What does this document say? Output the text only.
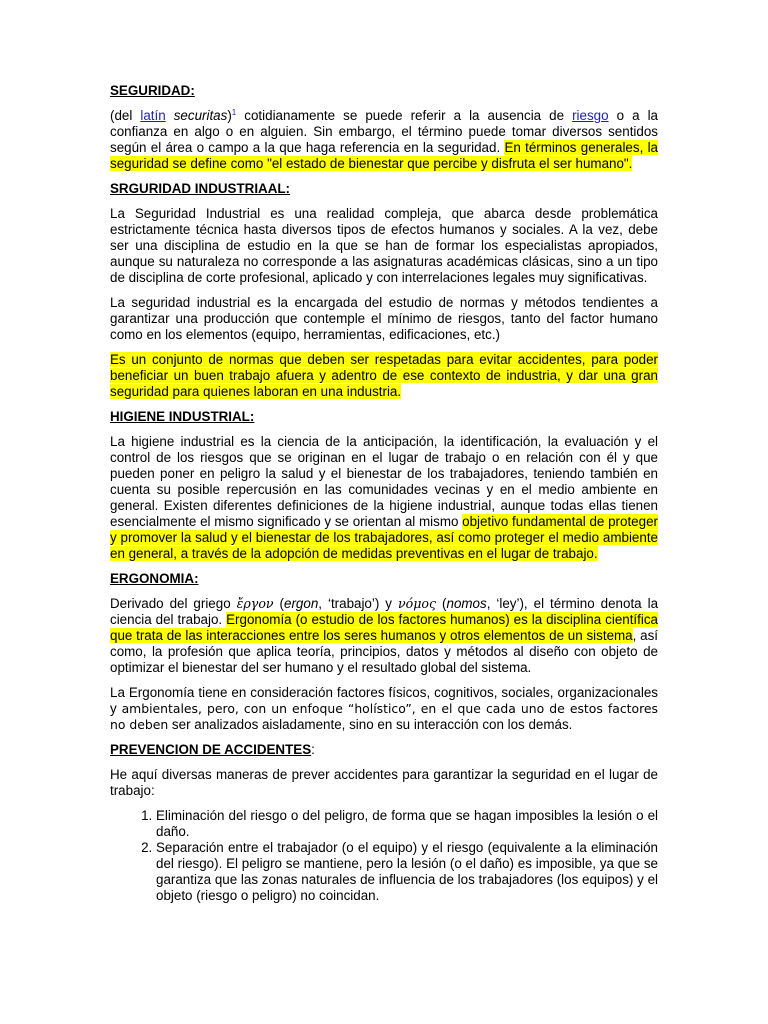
SEGURIDAD:

(del latín securitas)$^1$ cotidianamente se puede referir a la ausencia de riesgo o a la confianza en algo o en alguien. Sin embargo, el término puede tomar diversos sentidos según el área o campo a la que haga referencia en la seguridad. En términos generales, la seguridad se define como "el estado de bienestar que percibe y disfruta el ser humano".

SRGURIDAD INDUSTRIAAL:

La Seguridad Industrial es una realidad compleja, que abarca desde problemática estrictamente técnica hasta diversos tipos de efectos humanos y sociales. A la vez, debe ser una disciplina de estudio en la que se han de formar los especialistas apropiados, aunque su naturaleza no corresponde a las asignaturas académicas clásicas, sino a un tipo de disciplina de corte profesional, aplicado y con interrelaciones legales muy significativas.

La seguridad industrial es la encargada del estudio de normas y métodos tendientes a garantizar una producción que contemple el mínimo de riesgos, tanto del factor humano como en los elementos (equipo, herramientas, edificaciones, etc.)

Es un conjunto de normas que deben ser respetadas para evitar accidentes, para poder beneficiar un buen trabajo afuera y adentro de ese contexto de industria, y dar una gran seguridad para quienes laboran en una industria.

HIGIENE INDUSTRIAL:

La higiene industrial es la ciencia de la anticipación, la identificación, la evaluación y el control de los riesgos que se originan en el lugar de trabajo o en relación con él y que pueden poner en peligro la salud y el bienestar de los trabajadores, teniendo también en cuenta su posible repercusión en las comunidades vecinas y en el medio ambiente en general. Existen diferentes definiciones de la higiene industrial, aunque todas ellas tienen esencialmente el mismo significado y se orientan al mismo objetivo fundamental de proteger y promover la salud y el bienestar de los trabajadores, así como proteger el medio ambiente en general, a través de la adopción de medidas preventivas en el lugar de trabajo.

ERGONOMIA:

Derivado del griego ἔργον (ergon, ‘trabajo’) y νόμος (nomos, ‘ley’), el término denota la ciencia del trabajo. Ergonomía (o estudio de los factores humanos) es la disciplina científica que trata de las interacciones entre los seres humanos y otros elementos de un sistema, así como, la profesión que aplica teoría, principios, datos y métodos al diseño con objeto de optimizar el bienestar del ser humano y el resultado global del sistema.

La Ergonomía tiene en consideración factores físicos, cognitivos, sociales, organizacionales y ambientales, pero, con un enfoque “holístico”, en el que cada uno de estos factores no deben ser analizados aisladamente, sino en su interacción con los demás.

PREVENCION DE ACCIDENTES:

He aquí diversas maneras de prever accidentes para garantizar la seguridad en el lugar de trabajo:

1. Eliminación del riesgo o del peligro, de forma que se hagan imposibles la lesión o el daño.
2. Separación entre el trabajador (o el equipo) y el riesgo (equivalente a la eliminación del riesgo). El peligro se mantiene, pero la lesión (o el daño) es imposible, ya que se garantiza que las zonas naturales de influencia de los trabajadores (los equipos) y el objeto (riesgo o peligro) no coincidan.
